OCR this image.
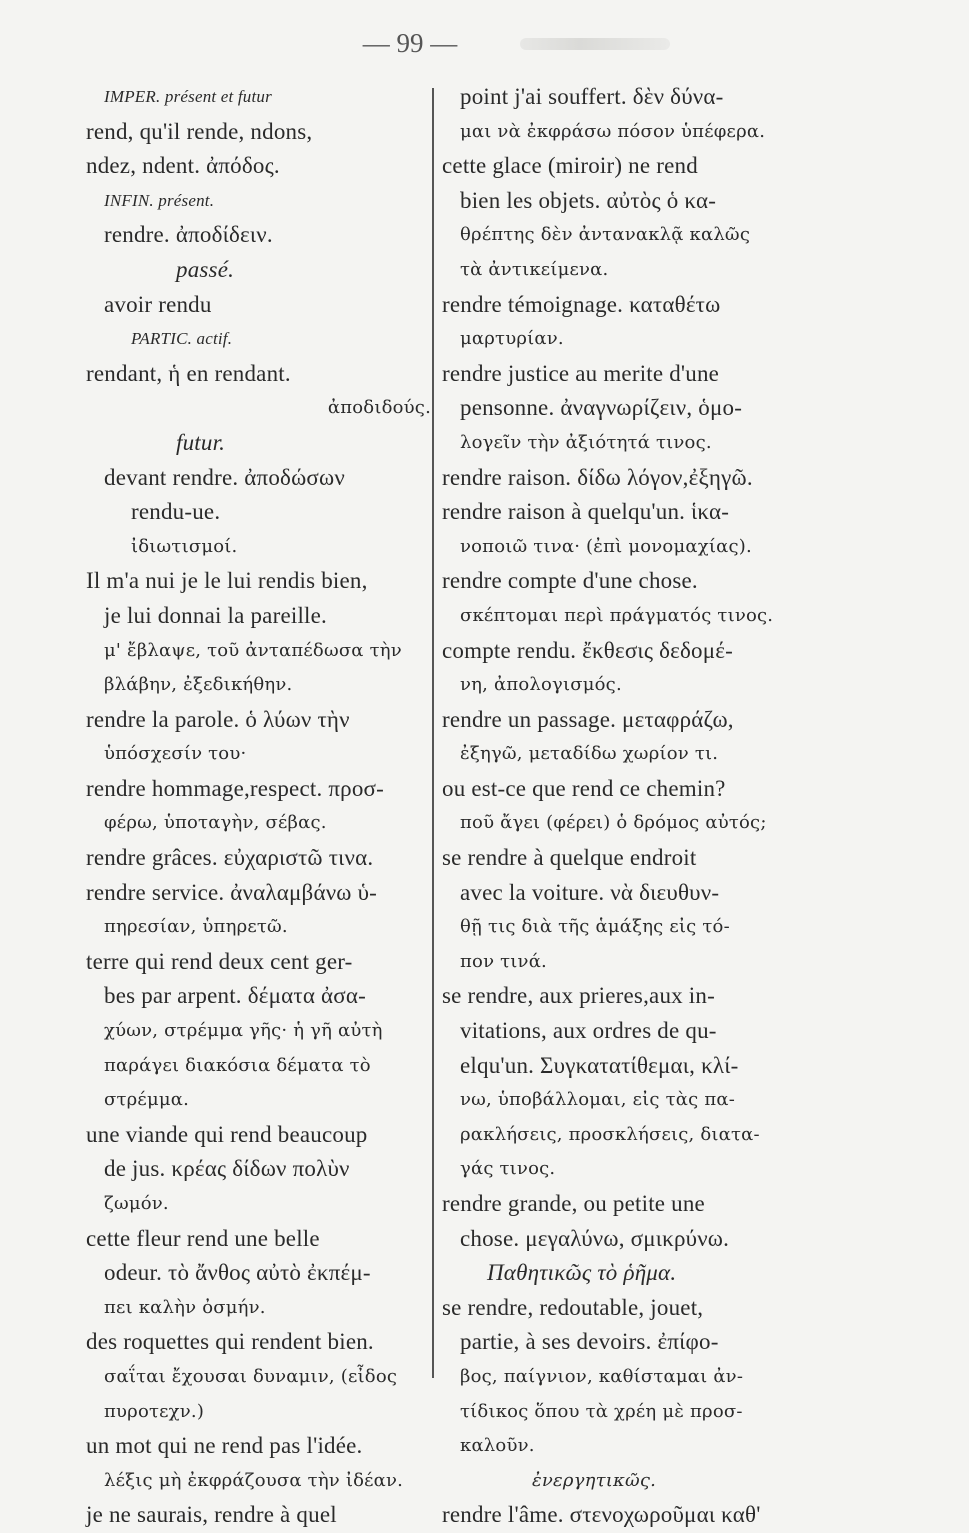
— 99 —
IMPER. présent et futur
rend, qu'il rende, ndons,
ndez, ndent. ἀπόδος.
INFIN. présent.
rendre. ἀποδίδειν.
passé.
avoir rendu
PARTIC. actif.
rendant, ἡ en rendant.
ἀποδιδούς.
futur.
devant rendre. ἀποδώσων
rendu-ue.
ἰδιωτισμοί.
Il m'a nui je le lui rendis bien,
je lui donnai la pareille.
μ' ἔβλαψε, τοῦ ἀνταπέδωσα τὴν
βλάβην, ἐξεδικήθην.
rendre la parole. ὁ λύων τὴν
ὑπόσχεσίν του·
rendre hommage,respect. προσ-
φέρω, ὑποταγὴν, σέβας.
rendre grâces. εὐχαριστῶ τινα.
rendre service. ἀναλαμβάνω ὑ-
πηρεσίαν, ὑπηρετῶ.
terre qui rend deux cent ger-
bes par arpent. δέματα ἀσα-
χύων, στρέμμα γῆς· ἡ γῆ αὐτὴ
παράγει διακόσια δέματα τὸ
στρέμμα.
une viande qui rend beaucoup
de jus. κρέας δίδων πολὺν
ζωμόν.
cette fleur rend une belle
odeur. τὸ ἄνθος αὐτὸ ἐκπέμ-
πει καλὴν ὀσμήν.
des roquettes qui rendent bien.
σαΐται ἔχουσαι δυναμιν, (εἶδος
πυροτεχν.)
un mot qui ne rend pas l'idée.
λέξις μὴ ἐκφράζουσα τὴν ἰδέαν.
je ne saurais, rendre à quel
point j'ai souffert. δὲν δύνα-
μαι νὰ ἐκφράσω πόσον ὑπέφερα.
cette glace (miroir) ne rend
bien les objets. αὐτὸς ὁ κα-
θρέπτης δὲν ἀντανακλᾷ καλῶς
τὰ ἀντικείμενα.
rendre témoignage. καταθέτω
μαρτυρίαν.
rendre justice au merite d'une
pensonne. ἀναγνωρίζειν, ὁμο-
λογεῖν τὴν ἀξιότητά τινος.
rendre raison. δίδω λόγον,ἐξηγῶ.
rendre raison à quelqu'un. ἱκα-
νοποιῶ τινα· (ἐπὶ μονομαχίας).
rendre compte d'une chose.
σκέπτομαι περὶ πράγματός τινος.
compte rendu. ἔκθεσις δεδομέ-
νη, ἀπολογισμός.
rendre un passage. μεταφράζω,
ἐξηγῶ, μεταδίδω χωρίον τι.
ou est-ce que rend ce chemin?
ποῦ ἄγει (φέρει) ὁ δρόμος αὐτός;
se rendre à quelque endroit
avec la voiture. νὰ διευθυν-
θῇ τις διὰ τῆς ἁμάξης εἰς τό-
πον τινά.
se rendre, aux prieres,aux in-
vitations, aux ordres de qu-
elqu'un. Συγκατατίθεμαι, κλί-
νω, ὑποβάλλομαι, εἰς τὰς πα-
ρακλήσεις, προσκλήσεις, διατα-
γάς τινος.
rendre grande, ou petite une
chose. μεγαλύνω, σμικρύνω.
Παθητικῶς τὸ ῥῆμα.
se rendre, redoutable, jouet,
partie, à ses devoirs. ἐπίφο-
βος, παίγνιον, καθίσταμαι ἀν-
τίδικος ὅπου τὰ χρέη μὲ προσ-
καλοῦν.
ἐνεργητικῶς.
rendre l'âme. στενοχωροῦμαι καθ'
